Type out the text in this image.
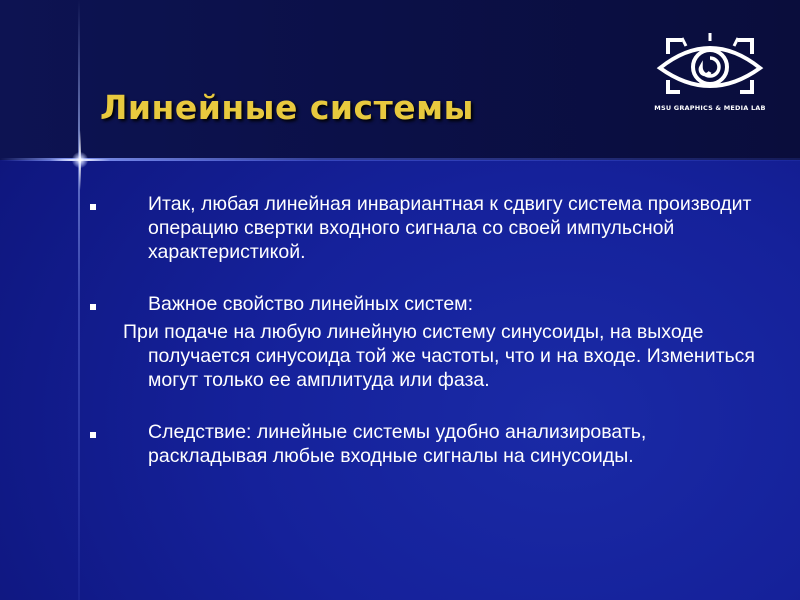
Линейные системы	MSU GRAPHICS & MEDIA LAB
Итак, любая линейная инвариантная к сдвигу система производит операцию свертки входного сигнала со своей импульсной характеристикой.
Важное свойство линейных систем:
При подаче на любую линейную систему синусоиды, на выходе получается синусоида той же частоты, что и на входе. Измениться могут только ее амплитуда или фаза.
Следствие: линейные системы удобно анализировать, раскладывая любые входные сигналы на синусоиды.
